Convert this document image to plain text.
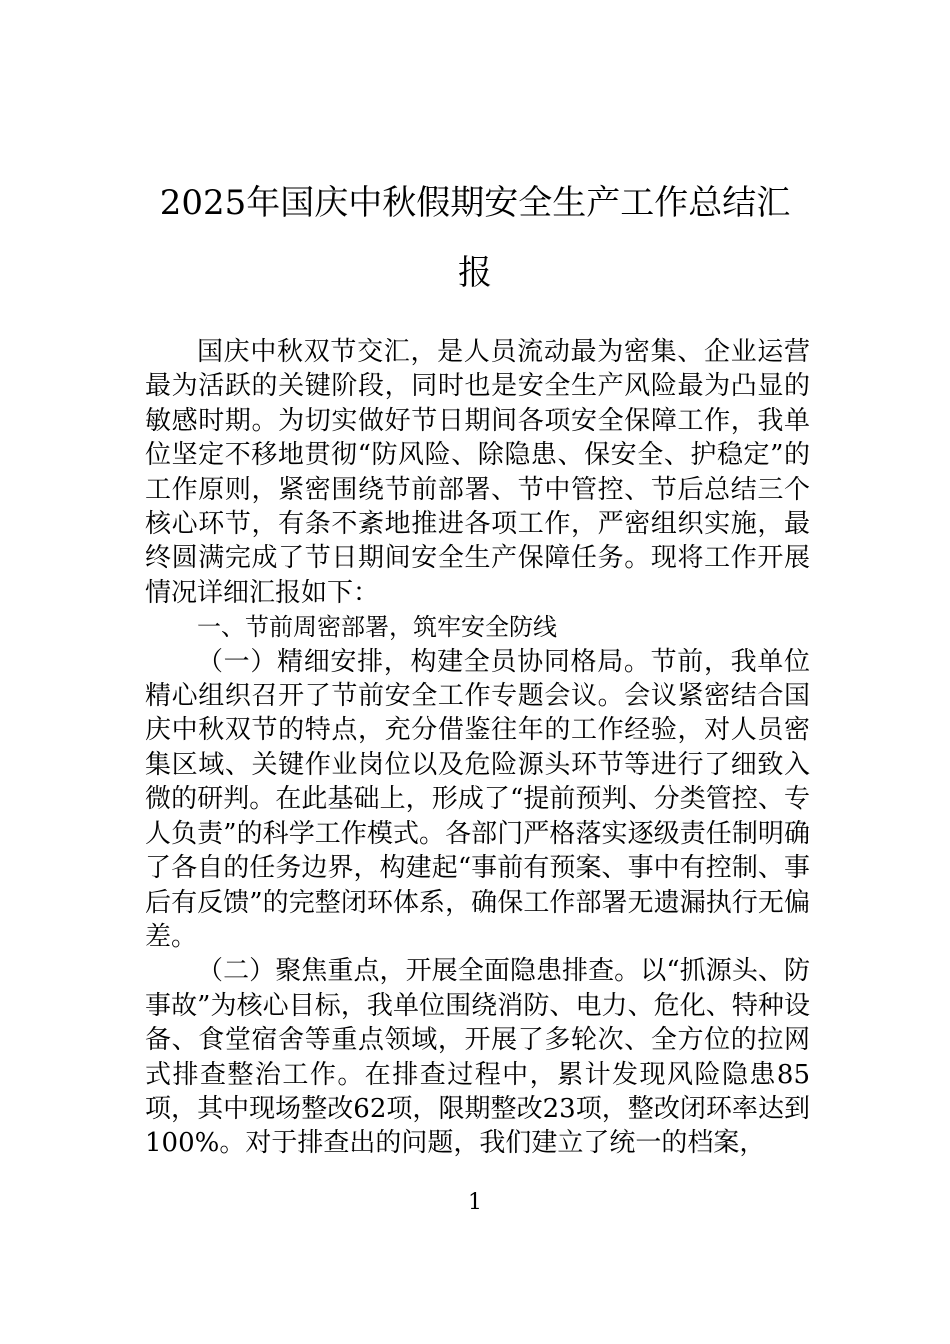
2025年国庆中秋假期安全生产工作总结汇
报

国庆中秋双节交汇，是人员流动最为密集、企业运营最为活跃的关键阶段，同时也是安全生产风险最为凸显的敏感时期。为切实做好节日期间各项安全保障工作，我单位坚定不移地贯彻“防风险、除隐患、保安全、护稳定”的工作原则，紧密围绕节前部署、节中管控、节后总结三个核心环节，有条不紊地推进各项工作，严密组织实施，最终圆满完成了节日期间安全生产保障任务。现将工作开展情况详细汇报如下：

一、节前周密部署，筑牢安全防线

（一）精细安排，构建全员协同格局。节前，我单位精心组织召开了节前安全工作专题会议。会议紧密结合国庆中秋双节的特点，充分借鉴往年的工作经验，对人员密集区域、关键作业岗位以及危险源头环节等进行了细致入微的研判。在此基础上，形成了“提前预判、分类管控、专人负责”的科学工作模式。各部门严格落实逐级责任制明确了各自的任务边界，构建起“事前有预案、事中有控制、事后有反馈”的完整闭环体系，确保工作部署无遗漏执行无偏差。

（二）聚焦重点，开展全面隐患排查。以“抓源头、防事故”为核心目标，我单位围绕消防、电力、危化、特种设备、食堂宿舍等重点领域，开展了多轮次、全方位的拉网式排查整治工作。在排查过程中，累计发现风险隐患85项，其中现场整改62项，限期整改23项，整改闭环率达到100%。对于排查出的问题，我们建立了统一的档案，

1
